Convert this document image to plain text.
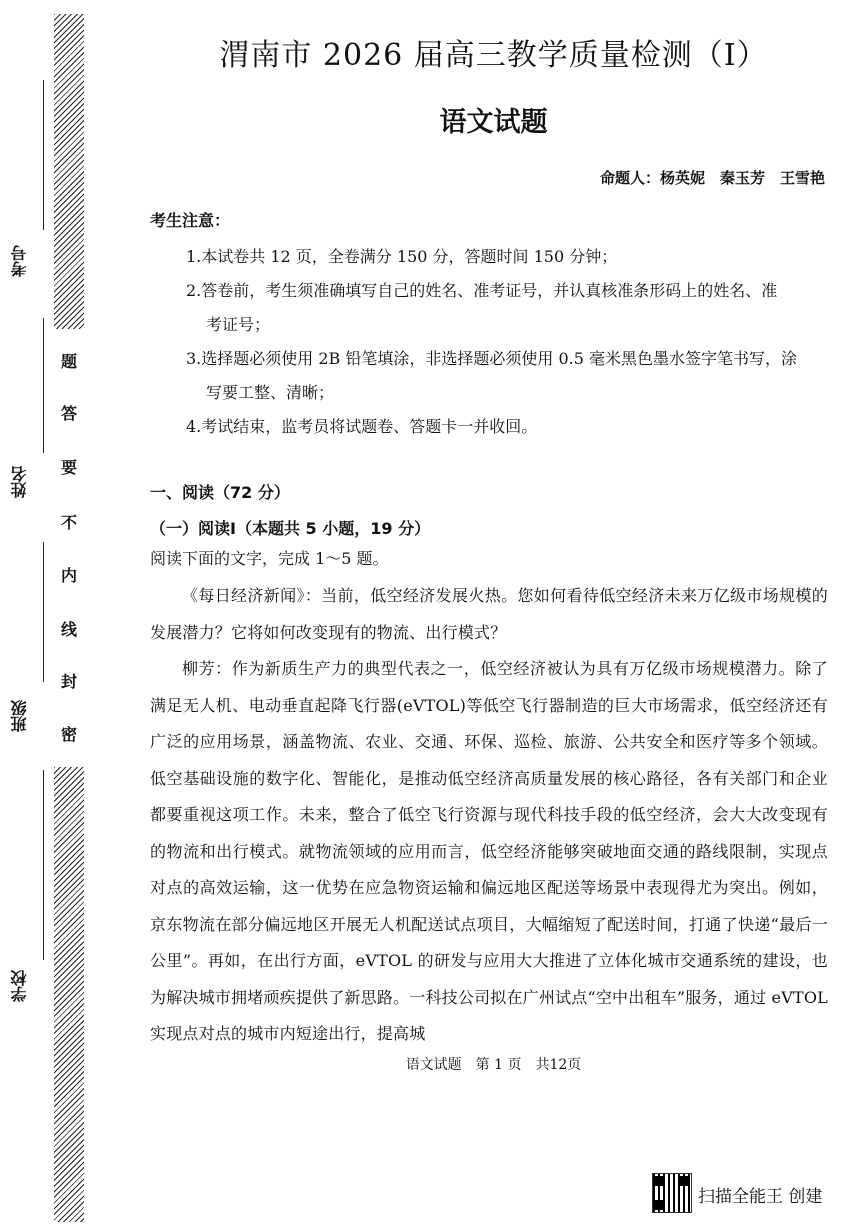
题
答
要
不
内
线
封
密
考号
姓名
班级
学校
渭南市 2026 届高三教学质量检测（Ⅰ）
语文试题
命题人：杨英妮　秦玉芳　王雪艳
考生注意：
1.本试卷共 12 页，全卷满分 150 分，答题时间 150 分钟；
2.答卷前，考生须准确填写自己的姓名、准考证号，并认真核准条形码上的姓名、准
考证号；
3.选择题必须使用 2B 铅笔填涂，非选择题必须使用 0.5 毫米黑色墨水签字笔书写，涂
写要工整、清晰；
4.考试结束，监考员将试题卷、答题卡一并收回。
一、阅读（72 分）
（一）阅读Ⅰ（本题共 5 小题，19 分）
阅读下面的文字，完成 1～5 题。

《每日经济新闻》：当前，低空经济发展火热。您如何看待低空经济未来万亿级市场规模的发展潜力？它将如何改变现有的物流、出行模式？

柳芳：作为新质生产力的典型代表之一，低空经济被认为具有万亿级市场规模潜力。除了满足无人机、电动垂直起降飞行器(eVTOL)等低空飞行器制造的巨大市场需求，低空经济还有广泛的应用场景，涵盖物流、农业、交通、环保、巡检、旅游、公共安全和医疗等多个领域。低空基础设施的数字化、智能化，是推动低空经济高质量发展的核心路径，各有关部门和企业都要重视这项工作。未来，整合了低空飞行资源与现代科技手段的低空经济，会大大改变现有的物流和出行模式。就物流领域的应用而言，低空经济能够突破地面交通的路线限制，实现点对点的高效运输，这一优势在应急物资运输和偏远地区配送等场景中表现得尤为突出。例如，京东物流在部分偏远地区开展无人机配送试点项目，大幅缩短了配送时间，打通了快递“最后一公里”。再如，在出行方面，eVTOL 的研发与应用大大推进了立体化城市交通系统的建设，也为解决城市拥堵顽疾提供了新思路。一科技公司拟在广州试点“空中出租车”服务，通过 eVTOL 实现点对点的城市内短途出行，提高城

语文试题　第 1 页　共12页
扫描全能王 创建
